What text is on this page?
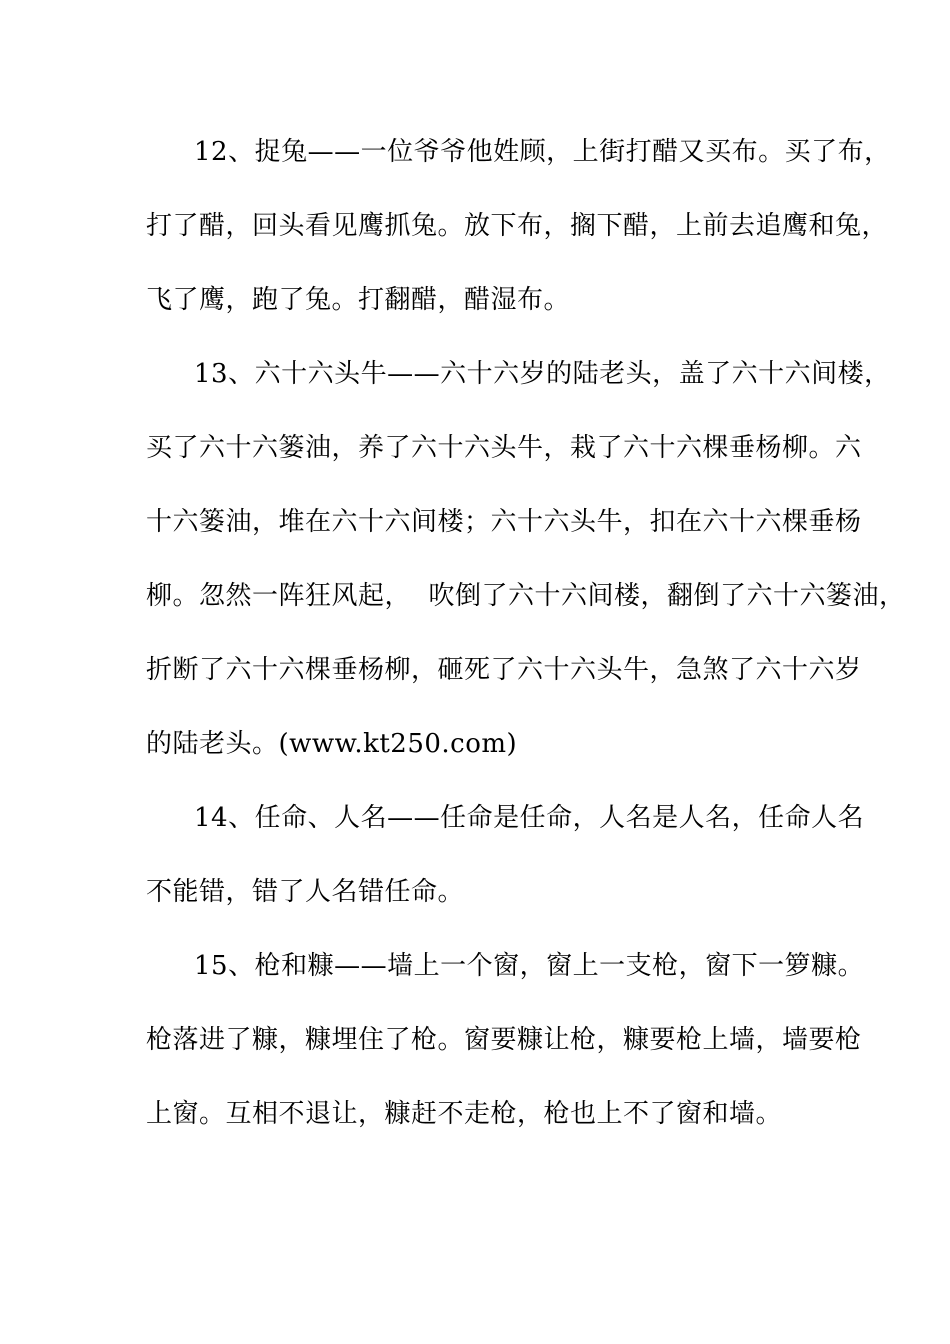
12、捉兔——一位爷爷他姓顾，上街打醋又买布。买了布，
打了醋，回头看见鹰抓兔。放下布，搁下醋，上前去追鹰和兔，
飞了鹰，跑了兔。打翻醋，醋湿布。
13、六十六头牛——六十六岁的陆老头，盖了六十六间楼，
买了六十六篓油，养了六十六头牛，栽了六十六棵垂杨柳。六
十六篓油，堆在六十六间楼；六十六头牛，扣在六十六棵垂杨
柳。忽然一阵狂风起，  吹倒了六十六间楼，翻倒了六十六篓油，
折断了六十六棵垂杨柳，砸死了六十六头牛，急煞了六十六岁
的陆老头。(www.kt250.com)
14、任命、人名——任命是任命，人名是人名，任命人名
不能错，错了人名错任命。
15、枪和糠——墙上一个窗，窗上一支枪，窗下一箩糠。
枪落进了糠，糠埋住了枪。窗要糠让枪，糠要枪上墙，墙要枪
上窗。互相不退让，糠赶不走枪，枪也上不了窗和墙。
